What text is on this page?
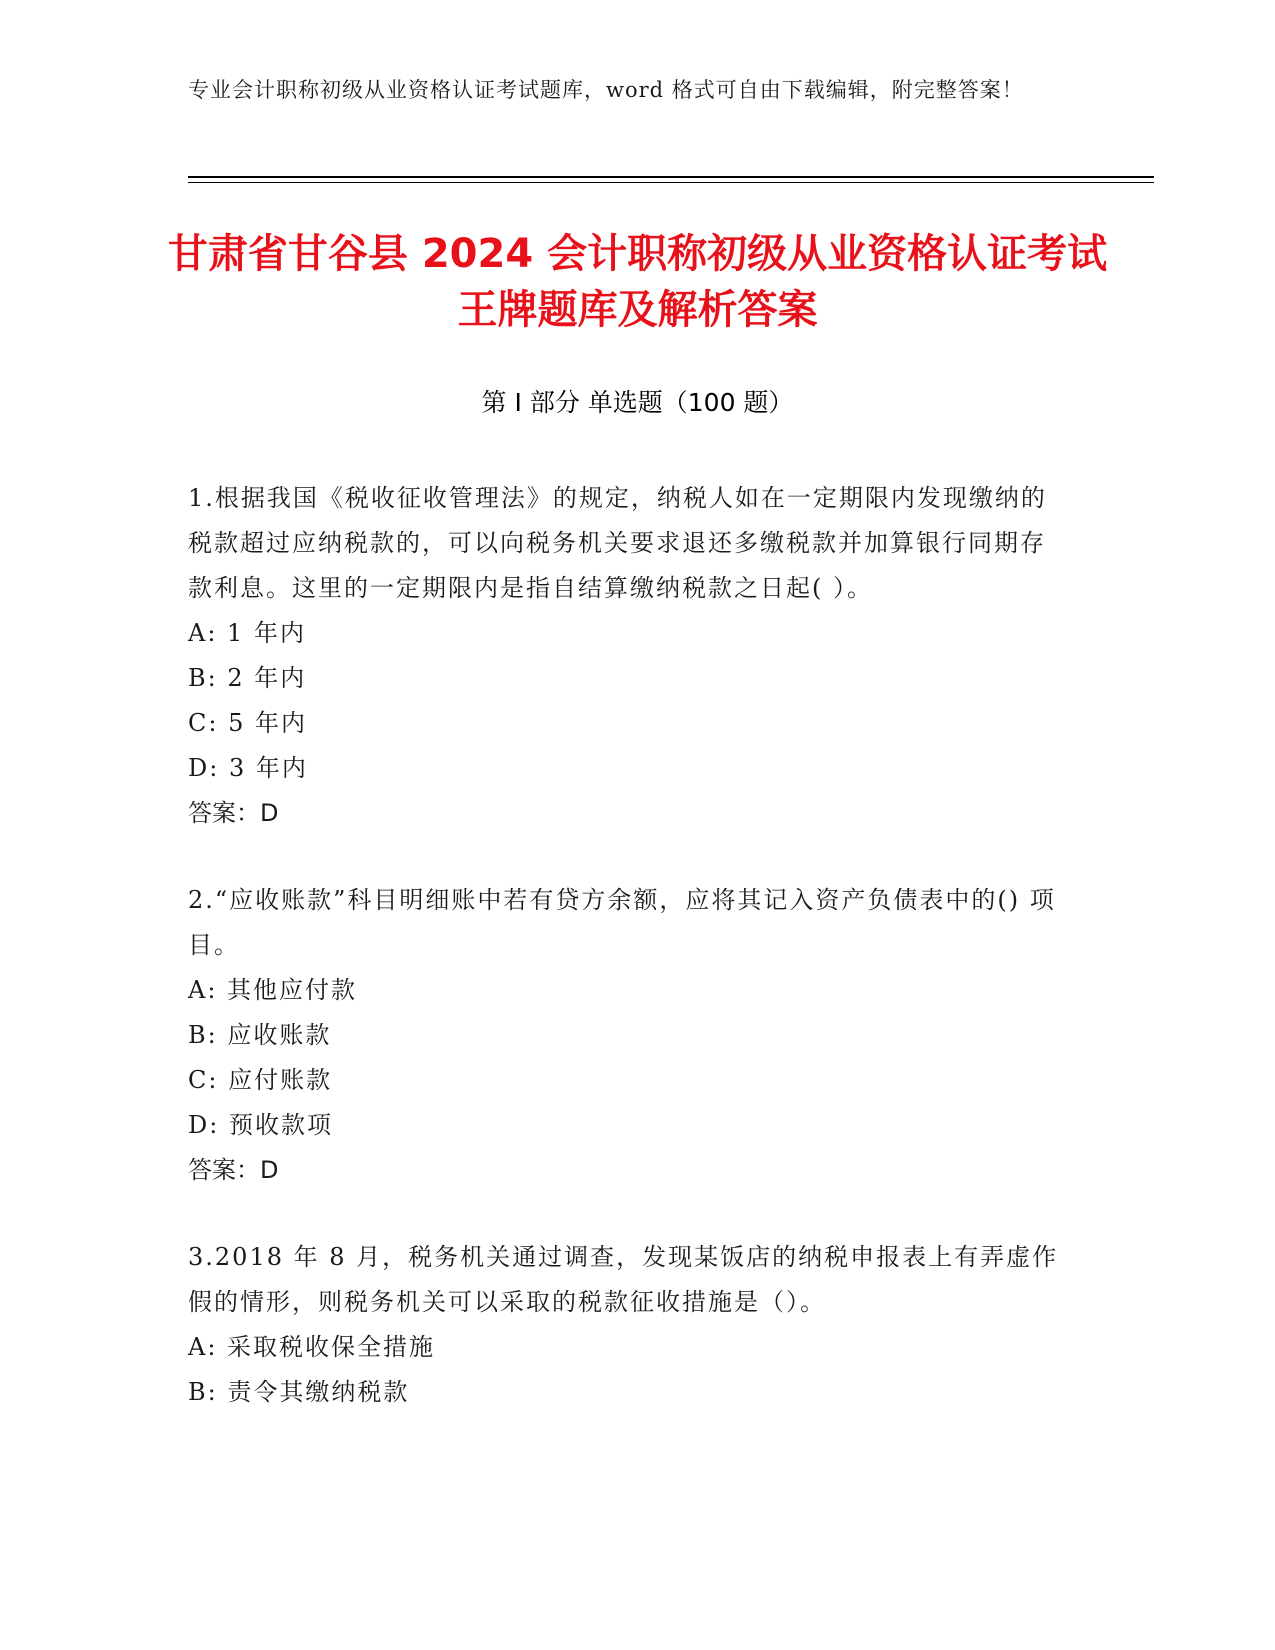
专业会计职称初级从业资格认证考试题库，word 格式可自由下载编辑，附完整答案！
甘肃省甘谷县 2024 会计职称初级从业资格认证考试王牌题库及解析答案
第 I 部分 单选题（100 题）

1.根据我国《税收征收管理法》的规定，纳税人如在一定期限内发现缴纳的税款超过应纳税款的，可以向税务机关要求退还多缴税款并加算银行同期存款利息。这里的一定期限内是指自结算缴纳税款之日起( ）。

A: 1 年内

B: 2 年内

C: 5 年内

D: 3 年内

答案：D

2.“应收账款”科目明细账中若有贷方余额，应将其记入资产负债表中的() 项目。

A: 其他应付款

B: 应收账款

C: 应付账款

D: 预收款项

答案：D

3.2018 年 8 月，税务机关通过调查，发现某饭店的纳税申报表上有弄虚作假的情形，则税务机关可以采取的税款征收措施是（）。

A: 采取税收保全措施

B: 责令其缴纳税款
